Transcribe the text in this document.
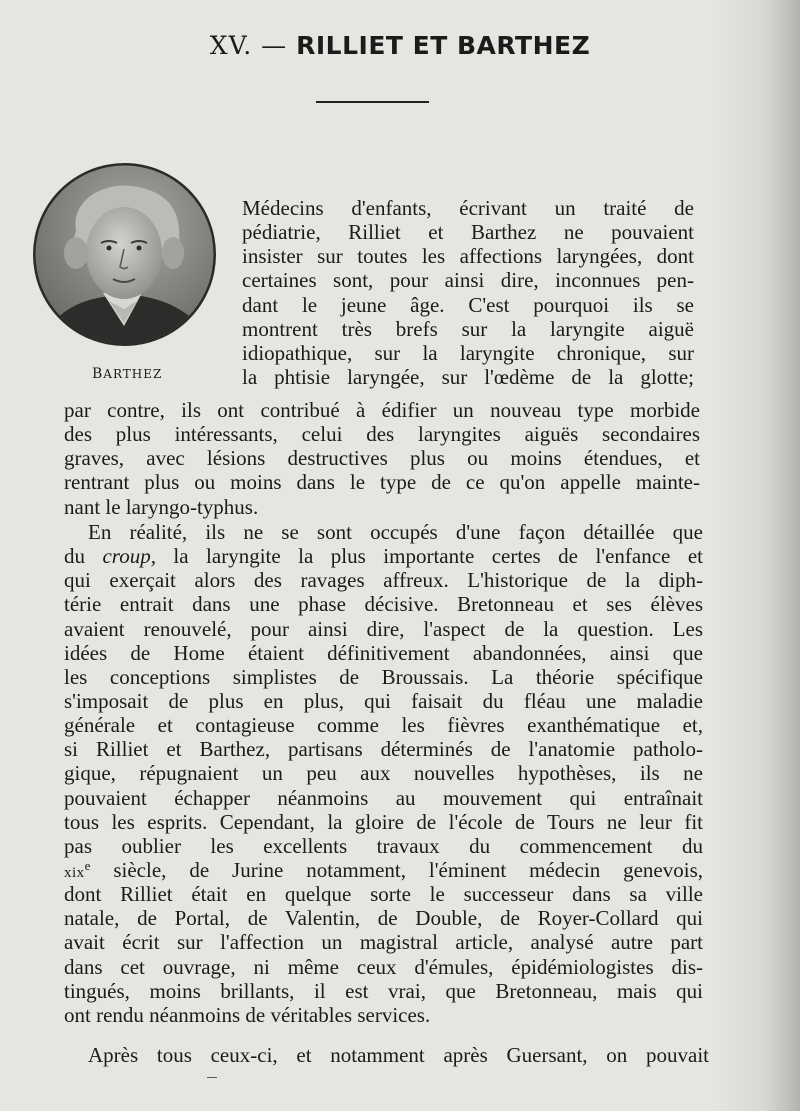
XV. — RILLIET ET BARTHEZ
BARTHEZ
Médecins d'enfants, écrivant un traité de
pédiatrie, Rilliet et Barthez ne pouvaient
insister sur toutes les affections laryngées, dont
certaines sont, pour ainsi dire, inconnues pen-
dant le jeune âge. C'est pourquoi ils se
montrent très brefs sur la laryngite aiguë
idiopathique, sur la laryngite chronique, sur
la phtisie laryngée, sur l'œdème de la glotte;
par contre, ils ont contribué à édifier un nouveau type morbide
des plus intéressants, celui des laryngites aiguës secondaires
graves, avec lésions destructives plus ou moins étendues, et
rentrant plus ou moins dans le type de ce qu'on appelle mainte-
nant le laryngo-typhus.
En réalité, ils ne se sont occupés d'une façon détaillée que
du croup, la laryngite la plus importante certes de l'enfance et
qui exerçait alors des ravages affreux. L'historique de la diph-
térie entrait dans une phase décisive. Bretonneau et ses élèves
avaient renouvelé, pour ainsi dire, l'aspect de la question. Les
idées de Home étaient définitivement abandonnées, ainsi que
les conceptions simplistes de Broussais. La théorie spécifique
s'imposait de plus en plus, qui faisait du fléau une maladie
générale et contagieuse comme les fièvres exanthématique et,
si Rilliet et Barthez, partisans déterminés de l'anatomie patholo-
gique, répugnaient un peu aux nouvelles hypothèses, ils ne
pouvaient échapper néanmoins au mouvement qui entraînait
tous les esprits. Cependant, la gloire de l'école de Tours ne leur fit
pas oublier les excellents travaux du commencement du
xix$^e$ siècle, de Jurine notamment, l'éminent médecin genevois,
dont Rilliet était en quelque sorte le successeur dans sa ville
natale, de Portal, de Valentin, de Double, de Royer-Collard qui
avait écrit sur l'affection un magistral article, analysé autre part
dans cet ouvrage, ni même ceux d'émules, épidémiologistes dis-
tingués, moins brillants, il est vrai, que Bretonneau, mais qui
ont rendu néanmoins de véritables services.
Après tous ceux-ci, et notamment après Guersant, on pouvait
